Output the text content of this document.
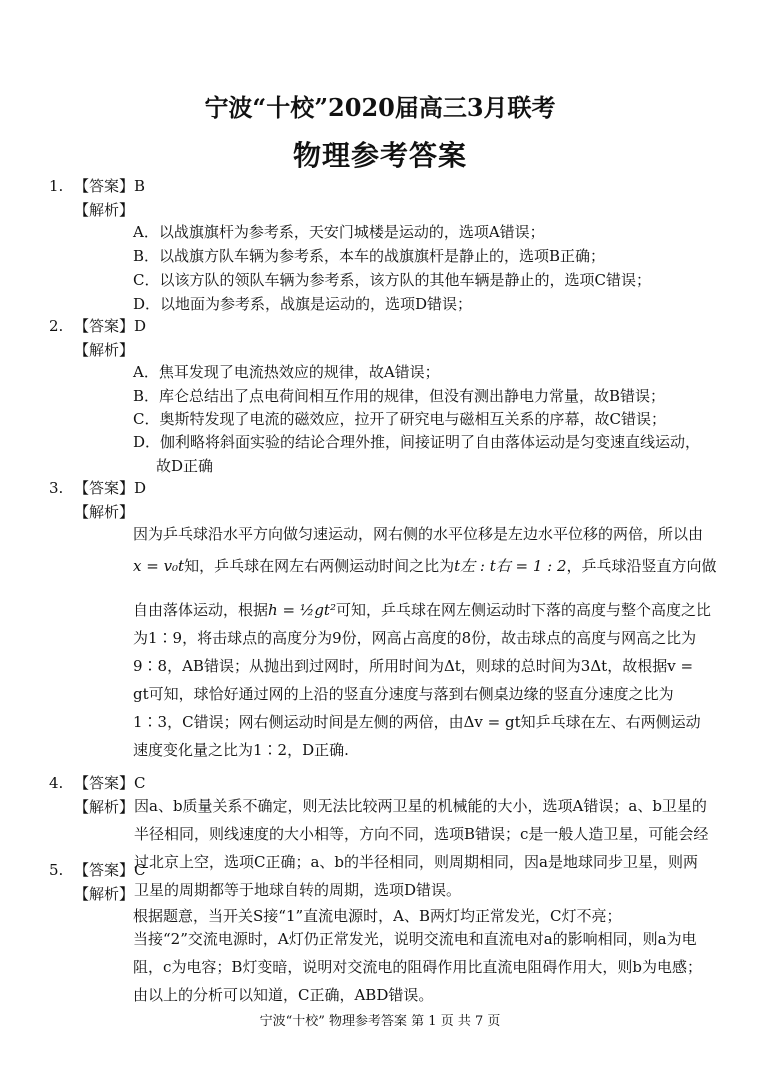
宁波“十校”2020届高三3月联考
物理参考答案
1. 【答案】B
【解析】
A．以战旗旗杆为参考系，天安门城楼是运动的，选项A错误；
B．以战旗方队车辆为参考系，本车的战旗旗杆是静止的，选项B正确；
C．以该方队的领队车辆为参考系，该方队的其他车辆是静止的，选项C错误；
D．以地面为参考系，战旗是运动的，选项D错误；
2. 【答案】D
【解析】
A．焦耳发现了电流热效应的规律，故A错误；
B．库仑总结出了点电荷间相互作用的规律，但没有测出静电力常量，故B错误；
C．奥斯特发现了电流的磁效应，拉开了研究电与磁相互关系的序幕，故C错误；
D．伽利略将斜面实验的结论合理外推，间接证明了自由落体运动是匀变速直线运动，
故D正确
3. 【答案】D
【解析】
因为乒乓球沿水平方向做匀速运动，网右侧的水平位移是左边水平位移的两倍，所以由
x = v₀t知，乒乓球在网左右两侧运动时间之比为t左 : t右 = 1 : 2，乒乓球沿竖直方向做
自由落体运动，根据h = ½gt²可知，乒乓球在网左侧运动时下落的高度与整个高度之比
为1∶9，将击球点的高度分为9份，网高占高度的8份，故击球点的高度与网高之比为9∶8，AB错误；从抛出到过网时，所用时间为Δt，则球的总时间为3Δt，故根据v = gt可知，球恰好通过网的上沿的竖直分速度与落到右侧桌边缘的竖直分速度之比为1∶3，C错误；网右侧运动时间是左侧的两倍，由Δv = gt知乒乓球在左、右两侧运动速度变化量之比为1∶2，D正确.
4. 【答案】C
【解析】 因a、b质量关系不确定，则无法比较两卫星的机械能的大小，选项A错误；a、b卫星的半径相同，则线速度的大小相等，方向不同，选项B错误；c是一般人造卫星，可能会经过北京上空，选项C正确；a、b的半径相同，则周期相同，因a是地球同步卫星，则两卫星的周期都等于地球自转的周期，选项D错误。
5. 【答案】C
【解析】
根据题意，当开关S接“1”直流电源时，A、B两灯均正常发光，C灯不亮；
当接“2”交流电源时，A灯仍正常发光，说明交流电和直流电对a的影响相同，则a为电阻，c为电容；B灯变暗，说明对交流电的阻碍作用比直流电阻碍作用大，则b为电感；由以上的分析可以知道，C正确，ABD错误。
宁波“十校” 物理参考答案 第 1 页 共 7 页
